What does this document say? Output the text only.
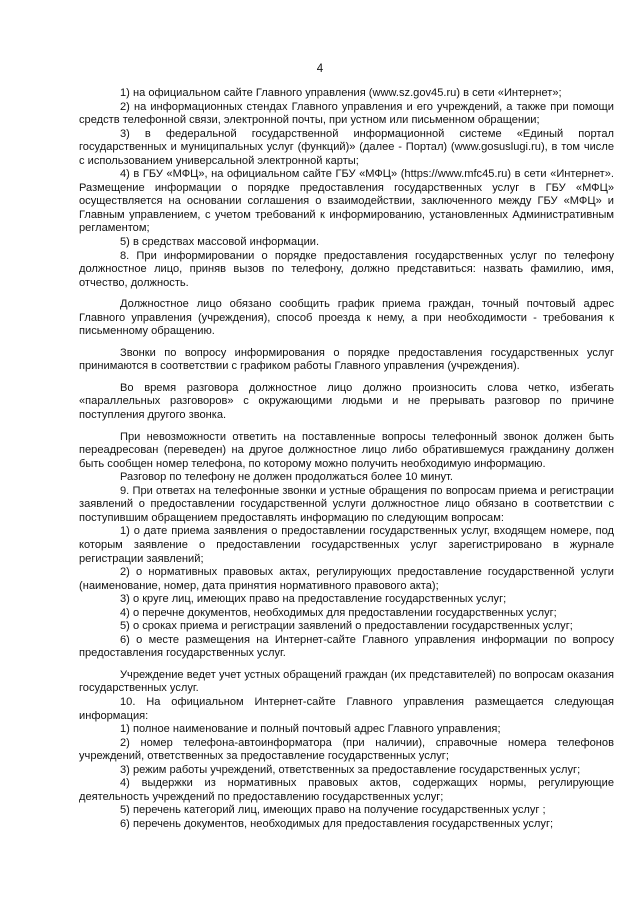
4

1) на официальном сайте Главного управления (www.sz.gov45.ru) в сети «Интернет»;

2) на информационных стендах Главного управления и его учреждений, а также при помощи средств телефонной связи, электронной почты, при устном или письменном обращении;

3) в федеральной государственной информационной системе «Единый портал государственных и муниципальных услуг (функций)» (далее - Портал) (www.gosuslugi.ru), в том числе с использованием универсальной электронной карты;

4) в ГБУ «МФЦ», на официальном сайте ГБУ «МФЦ» (https://www.mfc45.ru) в сети «Интернет». Размещение информации о порядке предоставления государственных услуг в ГБУ «МФЦ» осуществляется на основании соглашения о взаимодействии, заключенного между ГБУ «МФЦ» и Главным управлением, с учетом требований к информированию, установленных Административным регламентом;

5) в средствах массовой информации.

8. При информировании о порядке предоставления государственных услуг по телефону должностное лицо, приняв вызов по телефону, должно представиться: назвать фамилию, имя, отчество, должность.

Должностное лицо обязано сообщить график приема граждан, точный почтовый адрес Главного управления (учреждения), способ проезда к нему, а при необходимости - требования к письменному обращению.

Звонки по вопросу информирования о порядке предоставления государственных услуг принимаются в соответствии с графиком работы Главного управления (учреждения).

Во время разговора должностное лицо должно произносить слова четко, избегать «параллельных разговоров» с окружающими людьми и не прерывать разговор по причине поступления другого звонка.

При невозможности ответить на поставленные вопросы телефонный звонок должен быть переадресован (переведен) на другое должностное лицо либо обратившемуся гражданину должен быть сообщен номер телефона, по которому можно получить необходимую информацию.

Разговор по телефону не должен продолжаться более 10 минут.

9. При ответах на телефонные звонки и устные обращения по вопросам приема и регистрации заявлений о предоставлении государственной услуги должностное лицо обязано в соответствии с поступившим обращением предоставлять информацию по следующим вопросам:

1) о дате приема заявления о предоставлении государственных услуг, входящем номере, под которым заявление о предоставлении государственных услуг зарегистрировано в журнале регистрации заявлений;

2) о нормативных правовых актах, регулирующих предоставление государственной услуги (наименование, номер, дата принятия нормативного правового акта);

3) о круге лиц, имеющих право на предоставление государственных услуг;

4) о перечне документов, необходимых для предоставлении государственных услуг;

5) о сроках приема и регистрации заявлений о предоставлении государственных услуг;

6) о месте размещения на Интернет-сайте Главного управления информации по вопросу предоставления государственных услуг.

Учреждение ведет учет устных обращений граждан (их представителей) по вопросам оказания государственных услуг.

10. На официальном Интернет-сайте Главного управления размещается следующая информация:

1) полное наименование и полный почтовый адрес Главного управления;

2) номер телефона-автоинформатора (при наличии), справочные номера телефонов учреждений, ответственных за предоставление государственных услуг;

3) режим работы учреждений, ответственных за предоставление государственных услуг;

4) выдержки из нормативных правовых актов, содержащих нормы, регулирующие деятельность учреждений по предоставлению государственных услуг;

5) перечень категорий лиц, имеющих право на получение государственных услуг ;

6) перечень документов, необходимых для предоставления государственных услуг;
